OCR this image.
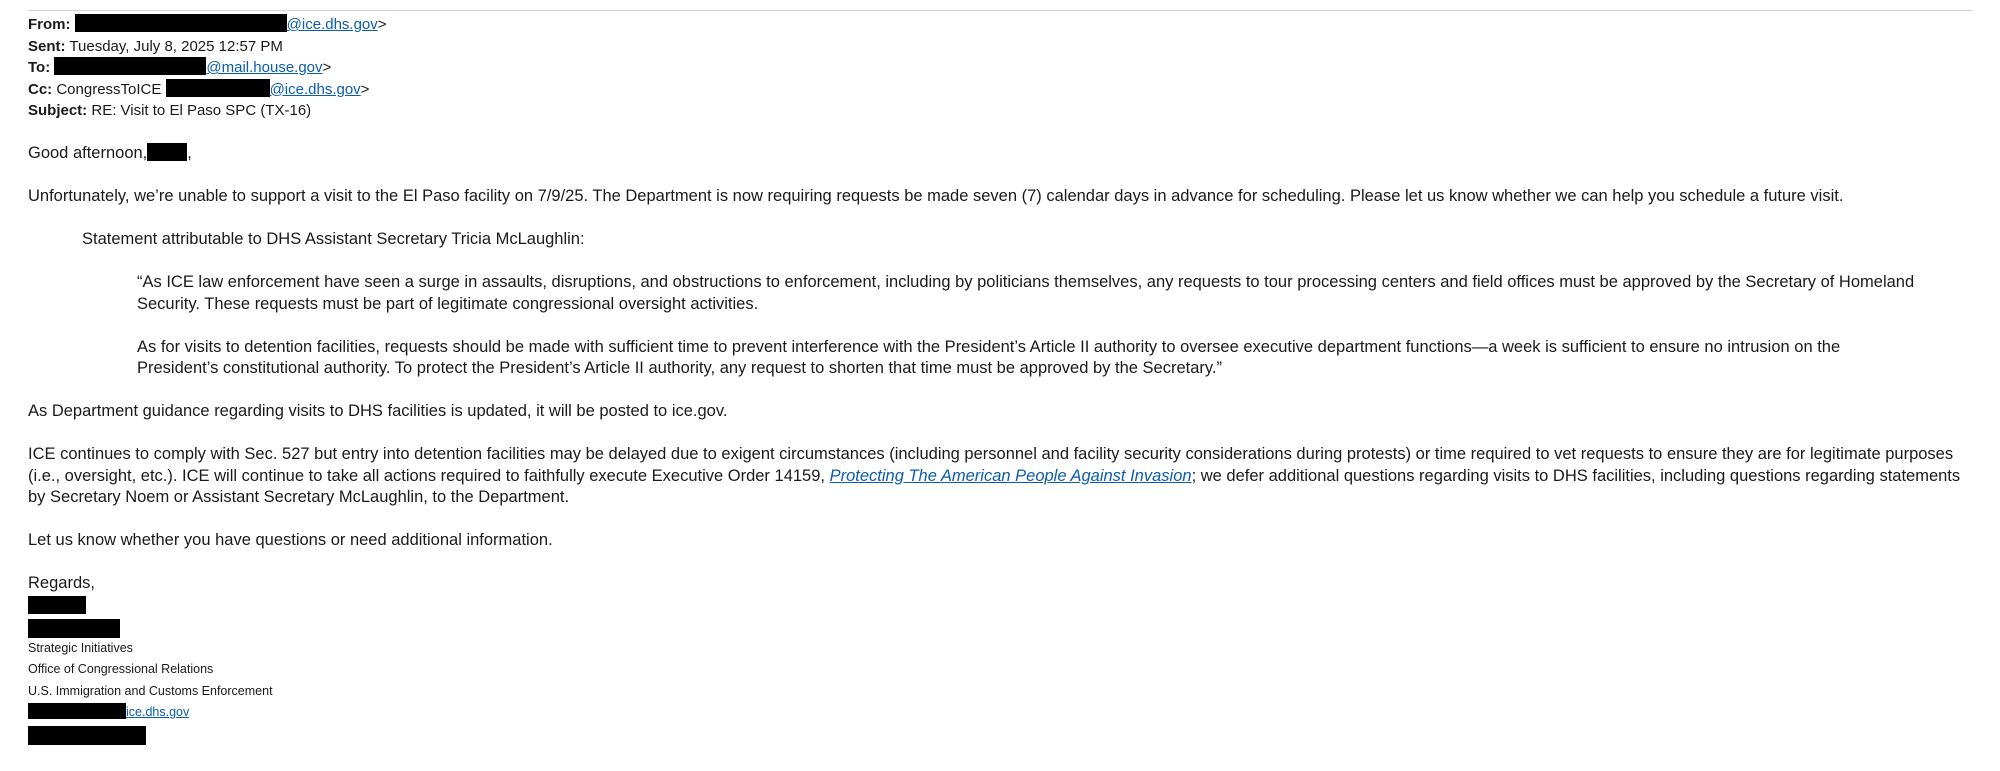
From:	@ice.dhs.gov>
Sent: Tuesday, July 8, 2025 12:57 PM
To:	@mail.house.gov>
Cc: CongressToICE	@ice.dhs.gov>
Subject: RE: Visit to El Paso SPC (TX-16)

Good afternoon, ,

Unfortunately, we’re unable to support a visit to the El Paso facility on 7/9/25. The Department is now requiring requests be made seven (7) calendar days in advance for scheduling. Please let us know whether we can help you schedule a future visit.

Statement attributable to DHS Assistant Secretary Tricia McLaughlin:

“As ICE law enforcement have seen a surge in assaults, disruptions, and obstructions to enforcement, including by politicians themselves, any requests to tour processing centers and field offices must be approved by the Secretary of Homeland Security. These requests must be part of legitimate congressional oversight activities.

As for visits to detention facilities, requests should be made with sufficient time to prevent interference with the President’s Article II authority to oversee executive department functions—a week is sufficient to ensure no intrusion on the President’s constitutional authority. To protect the President’s Article II authority, any request to shorten that time must be approved by the Secretary.”

As Department guidance regarding visits to DHS facilities is updated, it will be posted to ice.gov.

ICE continues to comply with Sec. 527 but entry into detention facilities may be delayed due to exigent circumstances (including personnel and facility security considerations during protests) or time required to vet requests to ensure they are for legitimate purposes (i.e., oversight, etc.). ICE will continue to take all actions required to faithfully execute Executive Order 14159, Protecting The American People Against Invasion; we defer additional questions regarding visits to DHS facilities, including questions regarding statements by Secretary Noem or Assistant Secretary McLaughlin, to the Department.

Let us know whether you have questions or need additional information.

Regards,

Strategic Initiatives
Office of Congressional Relations
U.S. Immigration and Customs Enforcement
ice.dhs.gov
